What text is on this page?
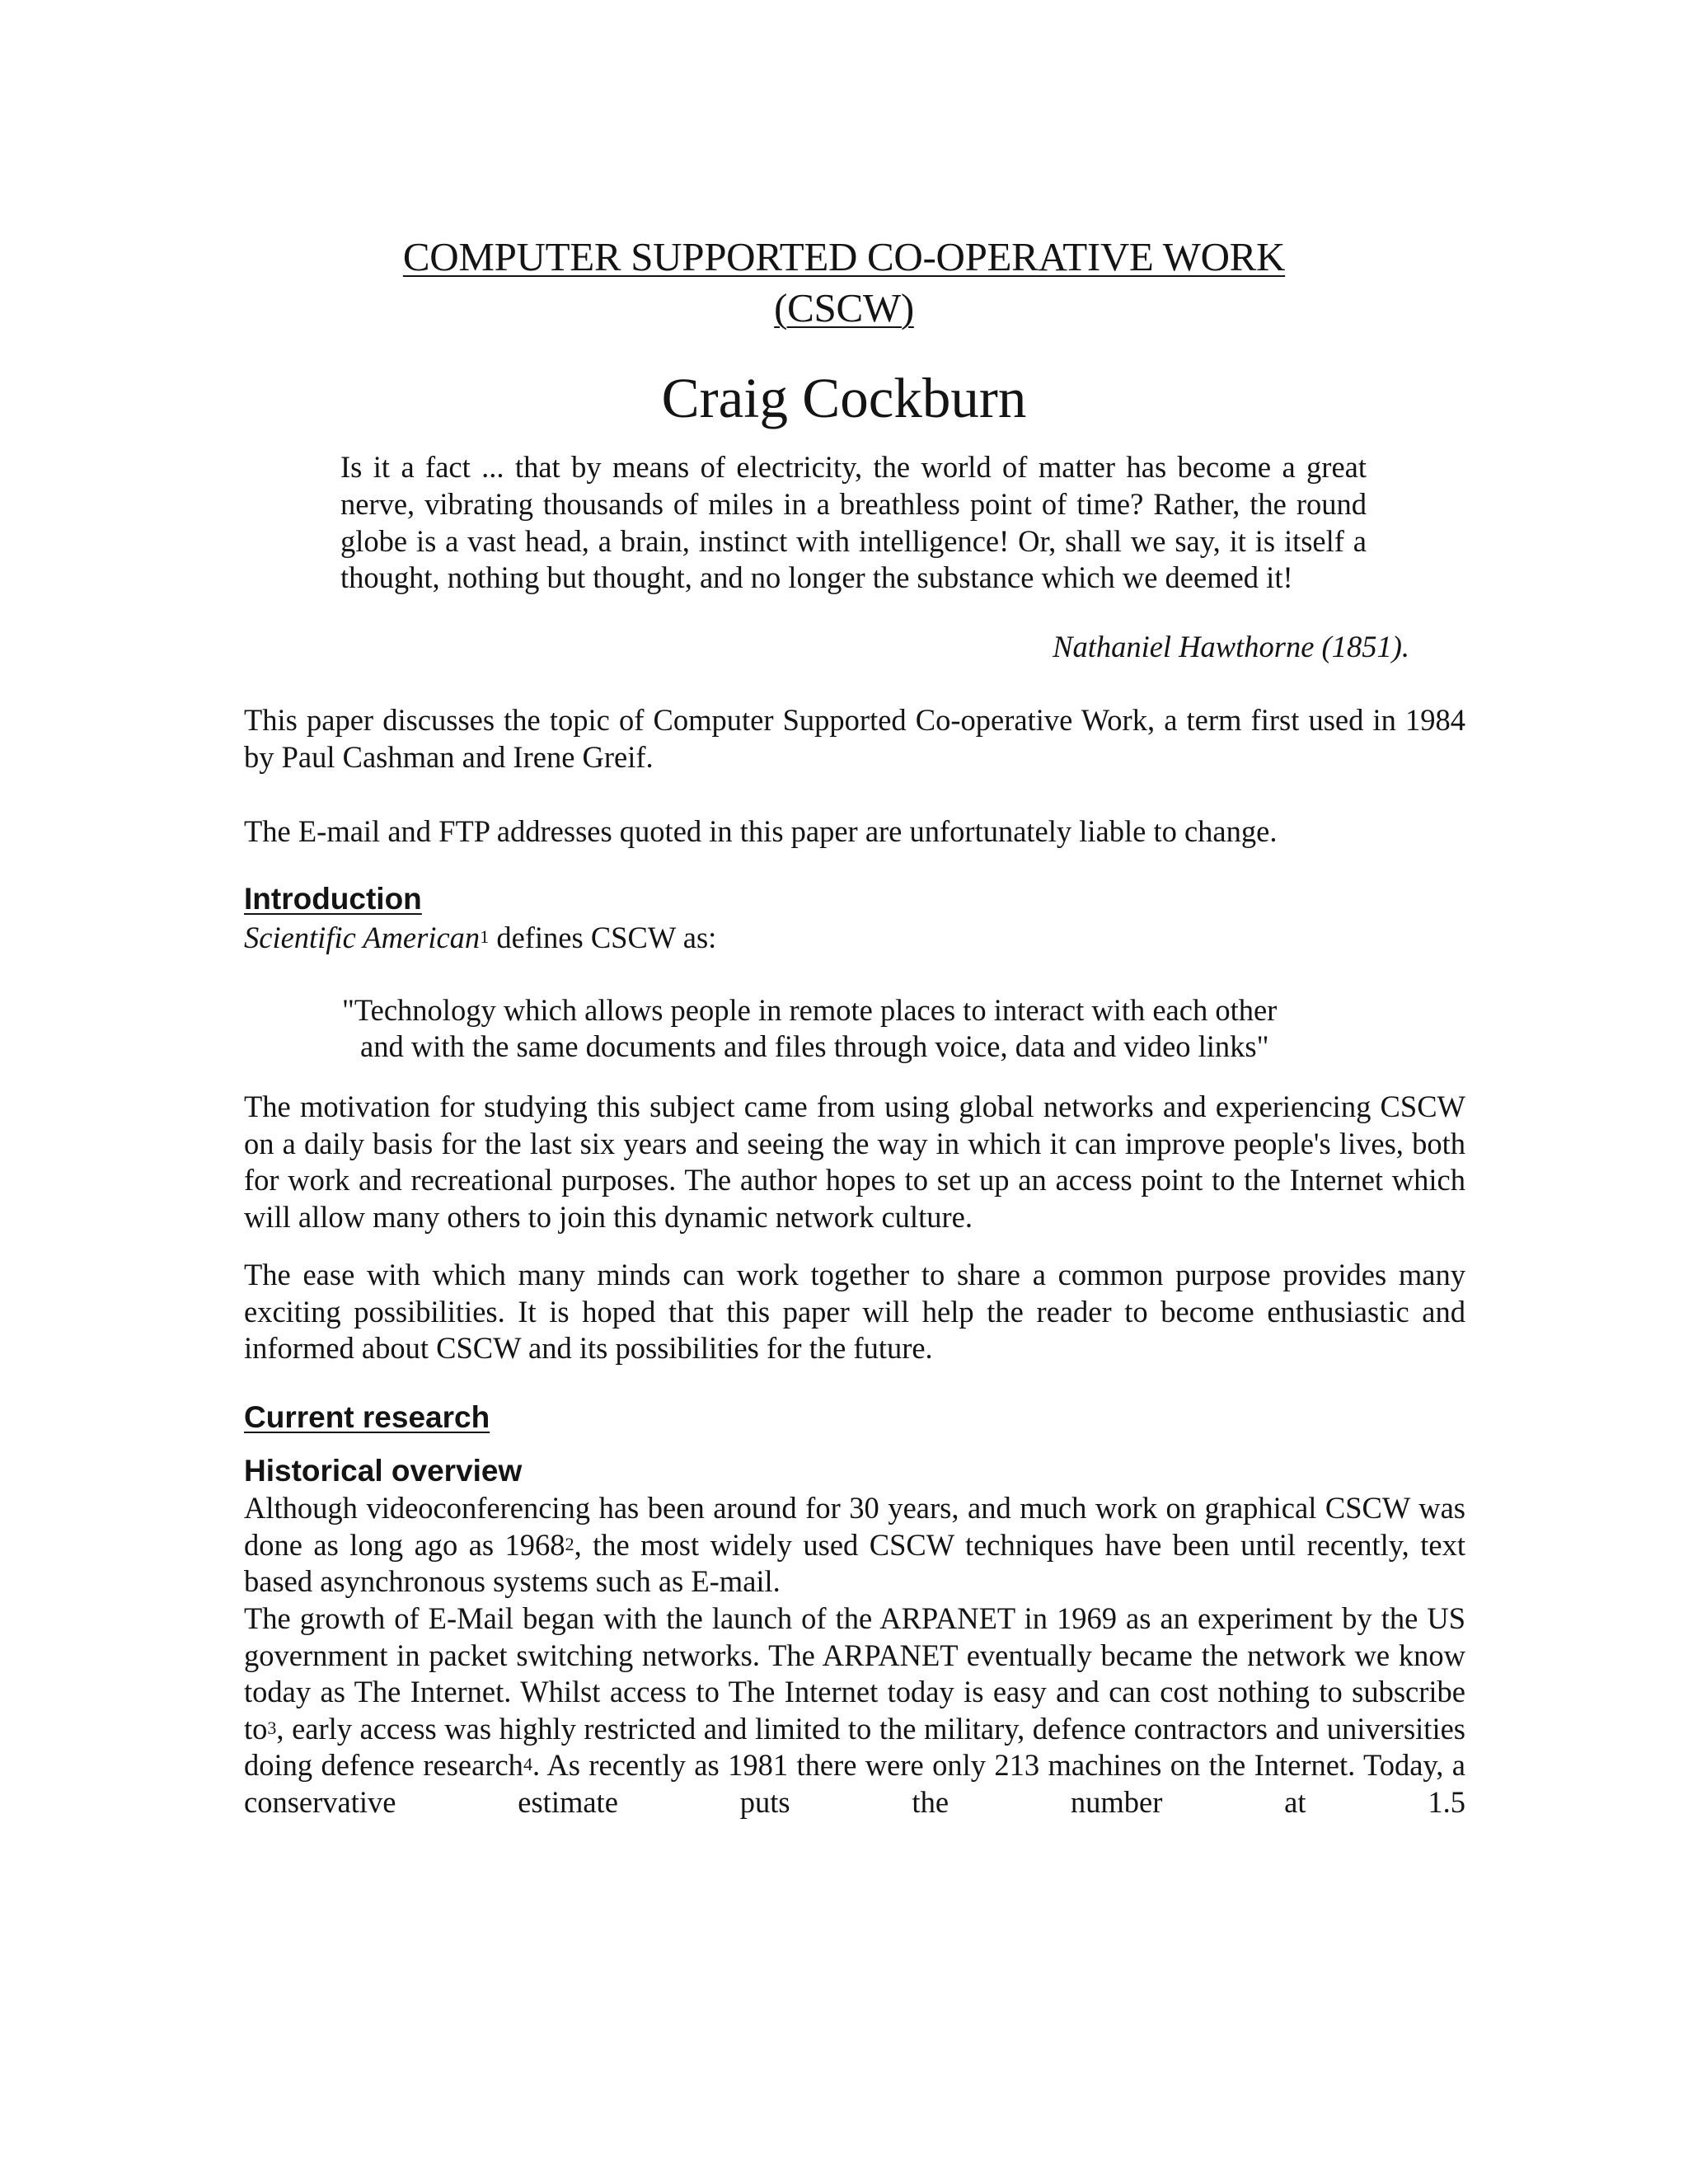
COMPUTER SUPPORTED CO-OPERATIVE WORK
(CSCW)
Craig Cockburn
Is it a fact ... that by means of electricity, the world of matter has become a great nerve, vibrating thousands of miles in a breathless point of time? Rather, the round globe is a vast head, a brain, instinct with intelligence! Or, shall we say, it is itself a thought, nothing but thought, and no longer the substance which we deemed it!
Nathaniel Hawthorne (1851).

This paper discusses the topic of Computer Supported Co-operative Work, a term first used in 1984 by Paul Cashman and Irene Greif.

The E-mail and FTP addresses quoted in this paper are unfortunately liable to change.

Introduction
Scientific American$^1$ defines CSCW as:
"Technology which allows people in remote places to interact with each other
and with the same documents and files through voice, data and video links"

The motivation for studying this subject came from using global networks and experiencing CSCW on a daily basis for the last six years and seeing the way in which it can improve people's lives, both for work and recreational purposes. The author hopes to set up an access point to the Internet which will allow many others to join this dynamic network culture.

The ease with which many minds can work together to share a common purpose provides many exciting possibilities. It is hoped that this paper will help the reader to become enthusiastic and informed about CSCW and its possibilities for the future.

Current research
Historical overview

Although videoconferencing has been around for 30 years, and much work on graphical CSCW was done as long ago as 1968$^2$, the most widely used CSCW techniques have been until recently, text based asynchronous systems such as E-mail.

The growth of E-Mail began with the launch of the ARPANET in 1969 as an experiment by the US government in packet switching networks. The ARPANET eventually became the network we know today as The Internet. Whilst access to The Internet today is easy and can cost nothing to subscribe $to^3$, early access was highly restricted and limited to the military, defence contractors and universities doing defence research$^4$. As recently as 1981 there were only 213 machines on the Internet. Today, a conservative estimate puts the number at 1.5
